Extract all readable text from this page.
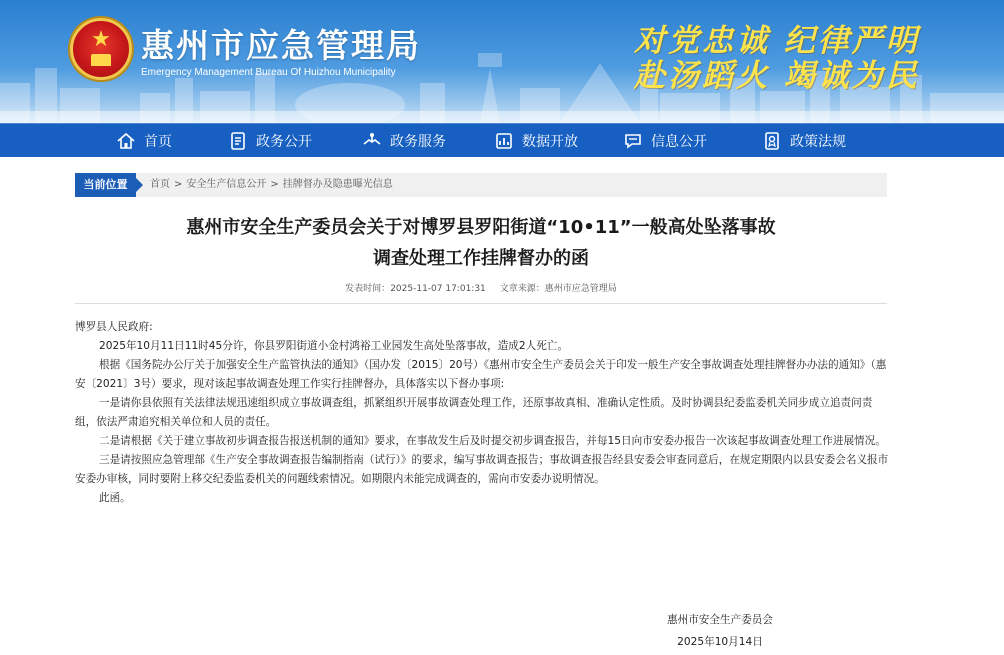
★ 惠州市应急管理局
Emergency Management Bureau Of Huizhou Municipality
对党忠诚 纪律严明
赴汤蹈火 竭诚为民
首页	政务公开	政务服务	数据开放	信息公开	政策法规
当前位置	首页 > 安全生产信息公开 > 挂牌督办及隐患曝光信息
惠州市安全生产委员会关于对博罗县罗阳街道“10•11”一般高处坠落事故
调查处理工作挂牌督办的函
发表时间：2025-11-07 17:01:31 文章来源：惠州市应急管理局

博罗县人民政府:

2025年10月11日11时45分许，你县罗阳街道小金村鸿裕工业园发生高处坠落事故，造成2人死亡。

根据《国务院办公厅关于加强安全生产监管执法的通知》（国办发〔2015〕20号）《惠州市安全生产委员会关于印发一般生产安全事故调查处理挂牌督办办法的通知》（惠安〔2021〕3号）要求，现对该起事故调查处理工作实行挂牌督办，具体落实以下督办事项:

一是请你县依照有关法律法规迅速组织成立事故调查组，抓紧组织开展事故调查处理工作，还原事故真相、准确认定性质。及时协调县纪委监委机关同步成立追责问责组，依法严肃追究相关单位和人员的责任。

二是请根据《关于建立事故初步调查报告报送机制的通知》要求，在事故发生后及时提交初步调查报告，并每15日向市安委办报告一次该起事故调查处理工作进展情况。

三是请按照应急管理部《生产安全事故调查报告编制指南（试行）》的要求，编写事故调查报告；事故调查报告经县安委会审查同意后，在规定期限内以县安委会名义报市安委办审核，同时要附上移交纪委监委机关的问题线索情况。如期限内未能完成调查的，需向市安委办说明情况。

此函。

惠州市安全生产委员会
2025年10月14日
